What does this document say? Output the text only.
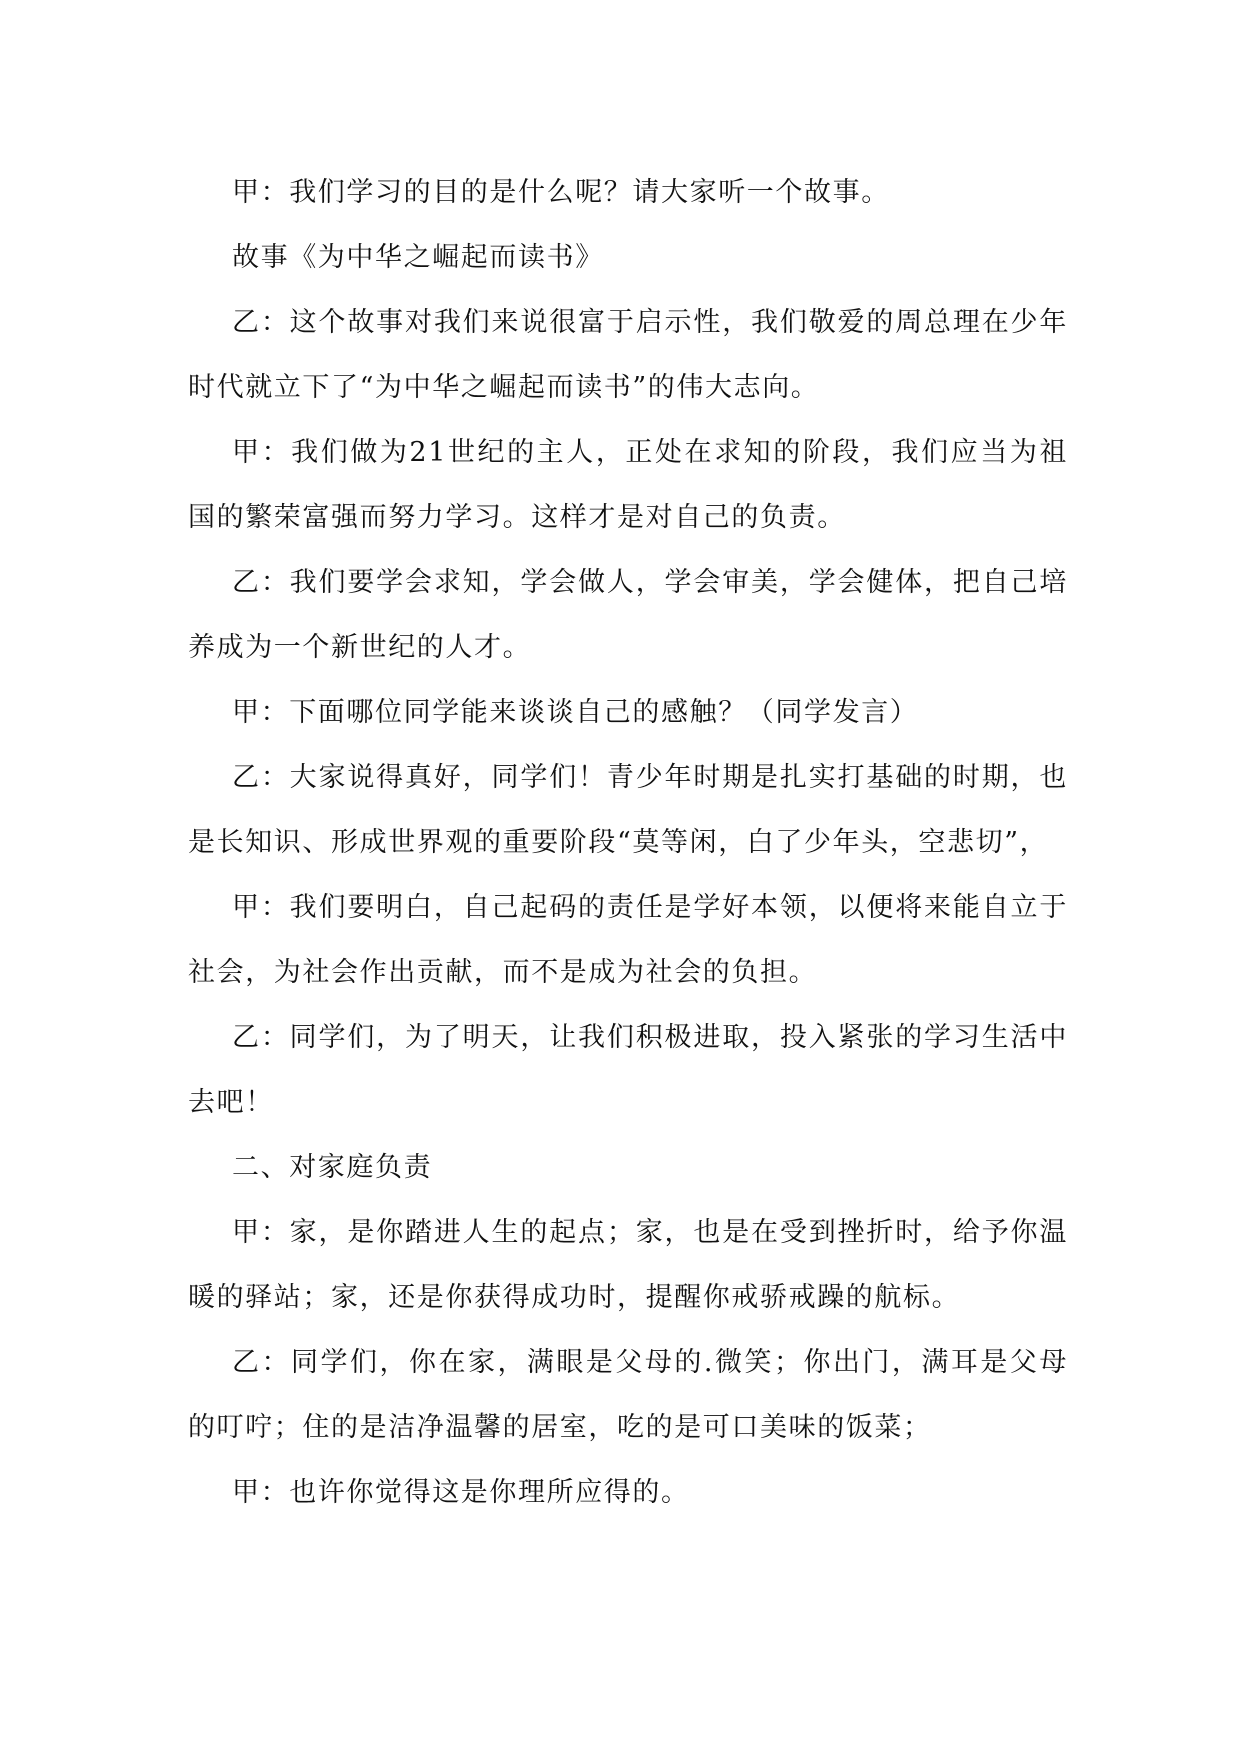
甲：我们学习的目的是什么呢？请大家听一个故事。

故事《为中华之崛起而读书》

乙：这个故事对我们来说很富于启示性，我们敬爱的周总理在少年时代就立下了“为中华之崛起而读书”的伟大志向。

甲：我们做为21世纪的主人，正处在求知的阶段，我们应当为祖国的繁荣富强而努力学习。这样才是对自己的负责。

乙：我们要学会求知，学会做人，学会审美，学会健体，把自己培养成为一个新世纪的人才。

甲：下面哪位同学能来谈谈自己的感触？（同学发言）

乙：大家说得真好，同学们！青少年时期是扎实打基础的时期，也是长知识、形成世界观的重要阶段“莫等闲，白了少年头，空悲切”，

甲：我们要明白，自己起码的责任是学好本领，以便将来能自立于社会，为社会作出贡献，而不是成为社会的负担。

乙：同学们，为了明天，让我们积极进取，投入紧张的学习生活中去吧！

二、对家庭负责

甲：家，是你踏进人生的起点；家，也是在受到挫折时，给予你温暖的驿站；家，还是你获得成功时，提醒你戒骄戒躁的航标。

乙：同学们，你在家，满眼是父母的.微笑；你出门，满耳是父母的叮咛；住的是洁净温馨的居室，吃的是可口美味的饭菜；

甲：也许你觉得这是你理所应得的。
